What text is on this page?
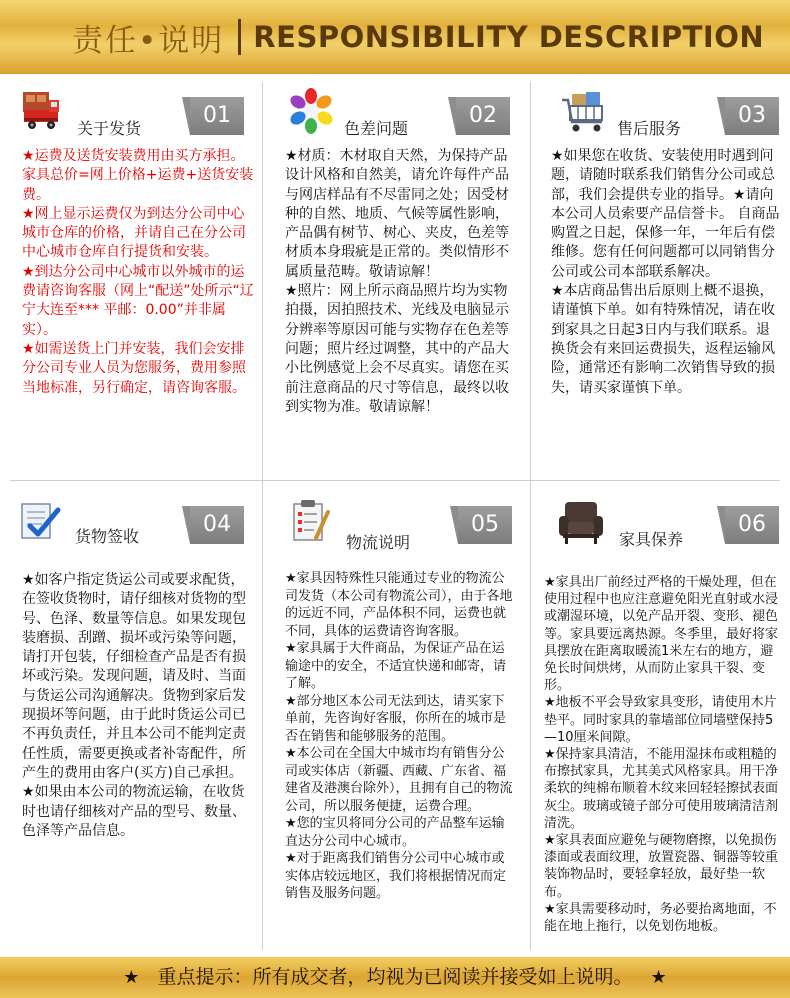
责任•说明 RESPONSIBILITY DESCRIPTION
关于发货
01
★运费及送货安装费用由买方承担。家具总价=网上价格+运费+送货安装费。
★网上显示运费仅为到达分公司中心城市仓库的价格，并请自己在分公司中心城市仓库自行提货和安装。
★到达分公司中心城市以外城市的运费请咨询客服（网上“配送”处所示“辽宁大连至*** 平邮：0.00”并非属实）。
★如需送货上门并安装，我们会安排分公司专业人员为您服务，费用参照当地标准，另行确定，请咨询客服。
色差问题
02
★材质：木材取自天然，为保持产品设计风格和自然美，请允许每件产品与网店样品有不尽雷同之处；因受材种的自然、地质、气候等属性影响，产品偶有树节、树心、夹皮，色差等材质本身瑕疵是正常的。类似情形不属质量范畴。敬请谅解！
★照片：网上所示商品照片均为实物拍摄，因拍照技术、光线及电脑显示分辨率等原因可能与实物存在色差等问题；照片经过调整，其中的产品大小比例感觉上会不尽真实。请您在买前注意商品的尺寸等信息，最终以收到实物为准。敬请谅解！
售后服务
03
★如果您在收货、安装使用时遇到问题，请随时联系我们销售分公司或总部，我们会提供专业的指导。★请向本公司人员索要产品信誉卡。 自商品购置之日起，保修一年，一年后有偿维修。您有任何问题都可以同销售分公司或公司本部联系解决。
★本店商品售出后原则上概不退换，请谨慎下单。如有特殊情况，请在收到家具之日起3日内与我们联系。退换货会有来回运费损失，返程运输风险，通常还有影响二次销售导致的损失，请买家谨慎下单。
货物签收	04
★如客户指定货运公司或要求配货，在签收货物时，请仔细核对货物的型号、色泽、数量等信息。如果发现包装磨损、刮蹭、损坏或污染等问题，请打开包装，仔细检查产品是否有损坏或污染。发现问题，请及时、当面与货运公司沟通解决。货物到家后发现损坏等问题，由于此时货运公司已不再负责任，并且本公司不能判定责任性质，需要更换或者补寄配件，所产生的费用由客户(买方)自己承担。
★如果由本公司的物流运输，在收货时也请仔细核对产品的型号、数量、色泽等产品信息。
物流说明
05
★家具因特殊性只能通过专业的物流公司发货（本公司有物流公司），由于各地的远近不同，产品体积不同，运费也就不同，具体的运费请咨询客服。
★家具属于大件商品，为保证产品在运输途中的安全，不适宜快递和邮寄，请了解。
★部分地区本公司无法到达，请买家下单前，先咨询好客服，你所在的城市是否在销售和能够服务的范围。
★本公司在全国大中城市均有销售分公司或实体店（新疆、西藏、广东省、福建省及港澳台除外），且拥有自己的物流公司，所以服务便捷，运费合理。
★您的宝贝将同分公司的产品整车运输直达分公司中心城市。
★对于距离我们销售分公司中心城市或实体店较远地区，我们将根据情况而定销售及服务问题。
家具保养
06
★家具出厂前经过严格的干燥处理，但在使用过程中也应注意避免阳光直射或水浸或潮湿环境，以免产品开裂、变形、褪色等。家具要远离热源。冬季里，最好将家具摆放在距离取暖流1米左右的地方，避免长时间烘烤，从而防止家具干裂、变形。
★地板不平会导致家具变形，请使用木片垫平。同时家具的靠墙部位同墙壁保持5—10厘米间隙。
★保持家具清洁，不能用湿抹布或粗糙的布擦拭家具，尤其美式风格家具。用干净柔软的纯棉布顺着木纹来回轻轻擦拭表面灰尘。玻璃或镜子部分可使用玻璃清洁剂清洗。
★家具表面应避免与硬物磨擦，以免损伤漆面或表面纹理，放置瓷器、铜器等较重装饰物品时，要轻拿轻放，最好垫一软布。
★家具需要移动时，务必要抬离地面，不能在地上拖行，以免划伤地板。
★ 重点提示：所有成交者，均视为已阅读并接受如上说明。 ★
